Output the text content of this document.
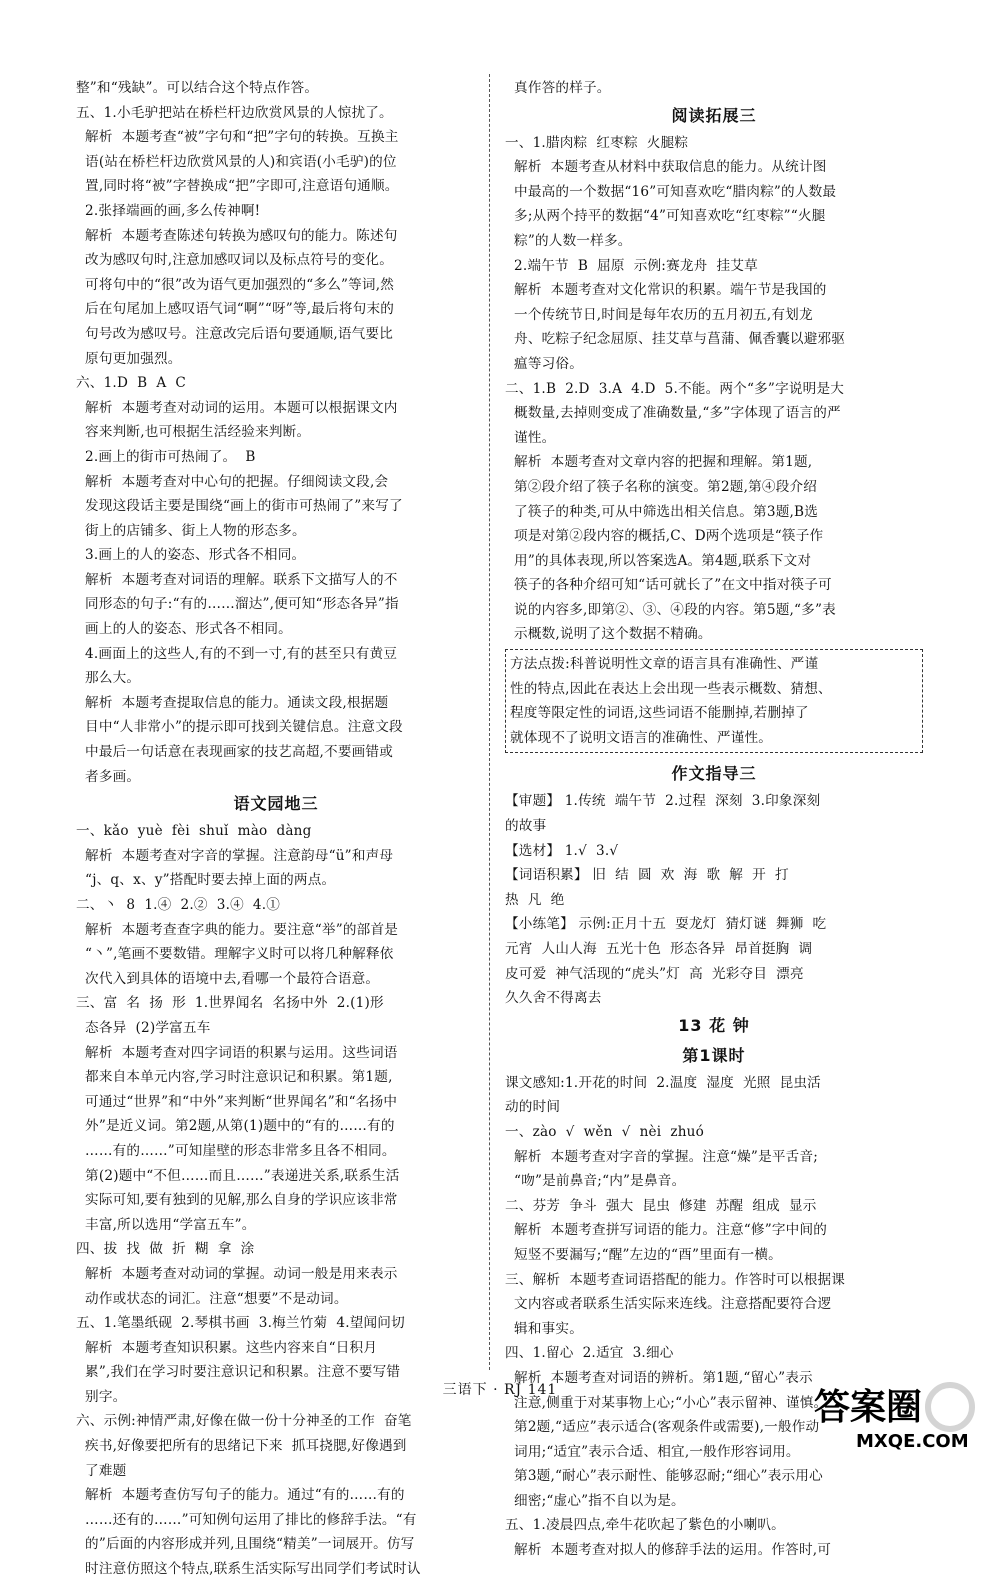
整”和“残缺”。可以结合这个特点作答。

五、1.小毛驴把站在桥栏杆边欣赏风景的人惊扰了。

解析  本题考查“被”字句和“把”字句的转换。互换主

语(站在桥栏杆边欣赏风景的人)和宾语(小毛驴)的位

置,同时将“被”字替换成“把”字即可,注意语句通顺。

2.张择端画的画,多么传神啊!

解析  本题考查陈述句转换为感叹句的能力。陈述句

改为感叹句时,注意加感叹词以及标点符号的变化。

可将句中的“很”改为语气更加强烈的“多么”等词,然

后在句尾加上感叹语气词“啊”“呀”等,最后将句末的

句号改为感叹号。注意改完后语句要通顺,语气要比

原句更加强烈。

六、1.D  B  A  C

解析  本题考查对动词的运用。本题可以根据课文内

容来判断,也可根据生活经验来判断。

2.画上的街市可热闹了。  B

解析  本题考查对中心句的把握。仔细阅读文段,会

发现这段话主要是围绕“画上的街市可热闹了”来写了

街上的店铺多、街上人物的形态多。

3.画上的人的姿态、形式各不相同。

解析  本题考查对词语的理解。联系下文描写人的不

同形态的句子:“有的……溜达”,便可知“形态各异”指

画上的人的姿态、形式各不相同。

4.画面上的这些人,有的不到一寸,有的甚至只有黄豆

那么大。

解析  本题考查提取信息的能力。通读文段,根据题

目中“人非常小”的提示即可找到关键信息。注意文段

中最后一句话意在表现画家的技艺高超,不要画错或

者多画。

语文园地三

一、kǎo  yuè  fèi  shuǐ  mào  dàng

解析  本题考查对字音的掌握。注意韵母“ü”和声母

“j、q、x、y”搭配时要去掉上面的两点。

二、丶  8  1.④  2.②  3.④  4.①

解析  本题考查查字典的能力。要注意“举”的部首是

“丶”,笔画不要数错。理解字义时可以将几种解释依

次代入到具体的语境中去,看哪一个最符合语意。

三、富  名  扬  形  1.世界闻名  名扬中外  2.(1)形

态各异  (2)学富五车

解析  本题考查对四字词语的积累与运用。这些词语

都来自本单元内容,学习时注意识记和积累。第1题,

可通过“世界”和“中外”来判断“世界闻名”和“名扬中

外”是近义词。第2题,从第(1)题中的“有的……有的

……有的……”可知崖壁的形态非常多且各不相同。

第(2)题中“不但……而且……”表递进关系,联系生活

实际可知,要有独到的见解,那么自身的学识应该非常

丰富,所以选用“学富五车”。

四、拔  找  做  折  糊  拿  涂

解析  本题考查对动词的掌握。动词一般是用来表示

动作或状态的词汇。注意“想要”不是动词。

五、1.笔墨纸砚  2.琴棋书画  3.梅兰竹菊  4.望闻问切

解析  本题考查知识积累。这些内容来自“日积月

累”,我们在学习时要注意识记和积累。注意不要写错

别字。

六、示例:神情严肃,好像在做一份十分神圣的工作  奋笔

疾书,好像要把所有的思绪记下来  抓耳挠腮,好像遇到

了难题

解析  本题考查仿写句子的能力。通过“有的……有的

……还有的……”可知例句运用了排比的修辞手法。“有

的”后面的内容形成并列,且围绕“精美”一词展开。仿写

时注意仿照这个特点,联系生活实际写出同学们考试时认

真作答的样子。

阅读拓展三

一、1.腊肉粽  红枣粽  火腿粽

解析  本题考查从材料中获取信息的能力。从统计图

中最高的一个数据“16”可知喜欢吃“腊肉粽”的人数最

多;从两个持平的数据“4”可知喜欢吃“红枣粽”“火腿

粽”的人数一样多。

2.端午节  B  屈原  示例:赛龙舟  挂艾草

解析  本题考查对文化常识的积累。端午节是我国的

一个传统节日,时间是每年农历的五月初五,有划龙

舟、吃粽子纪念屈原、挂艾草与菖蒲、佩香囊以避邪驱

瘟等习俗。

二、1.B  2.D  3.A  4.D  5.不能。两个“多”字说明是大

概数量,去掉则变成了准确数量,“多”字体现了语言的严

谨性。

解析  本题考查对文章内容的把握和理解。第1题,

第②段介绍了筷子名称的演变。第2题,第④段介绍

了筷子的种类,可从中筛选出相关信息。第3题,B选

项是对第②段内容的概括,C、D两个选项是“筷子作

用”的具体表现,所以答案选A。第4题,联系下文对

筷子的各种介绍可知“话可就长了”在文中指对筷子可

说的内容多,即第②、③、④段的内容。第5题,“多”表

示概数,说明了这个数据不精确。

方法点拨:科普说明性文章的语言具有准确性、严谨

性的特点,因此在表达上会出现一些表示概数、猜想、

程度等限定性的词语,这些词语不能删掉,若删掉了

就体现不了说明文语言的准确性、严谨性。

作文指导三

【审题】 1.传统  端午节  2.过程  深刻  3.印象深刻

的故事

【选材】 1.√  3.√

【词语积累】 旧  结  圆  欢  海  歌  解  开  打

热  凡  绝

【小练笔】 示例:正月十五  耍龙灯  猜灯谜  舞狮  吃

元宵  人山人海  五光十色  形态各异  昂首挺胸  调

皮可爱  神气活现的“虎头”灯  高  光彩夺目  漂亮

久久舍不得离去

13 花 钟

第1课时

课文感知:1.开花的时间  2.温度  湿度  光照  昆虫活

动的时间

一、zào  √  wěn  √  nèi  zhuó

解析  本题考查对字音的掌握。注意“燥”是平舌音;

“吻”是前鼻音;“内”是鼻音。

二、芬芳  争斗  强大  昆虫  修建  苏醒  组成  显示

解析  本题考查拼写词语的能力。注意“修”字中间的

短竖不要漏写;“醒”左边的“酉”里面有一横。

三、解析  本题考查词语搭配的能力。作答时可以根据课

文内容或者联系生活实际来连线。注意搭配要符合逻

辑和事实。

四、1.留心  2.适宜  3.细心

解析  本题考查对词语的辨析。第1题,“留心”表示

注意,侧重于对某事物上心;“小心”表示留神、谨慎。

第2题,“适应”表示适合(客观条件或需要),一般作动

词用;“适宜”表示合适、相宜,一般作形容词用。

第3题,“耐心”表示耐性、能够忍耐;“细心”表示用心

细密;“虚心”指不自以为是。

五、1.凌晨四点,牵牛花吹起了紫色的小喇叭。

解析  本题考查对拟人的修辞手法的运用。作答时,可

三语下 · RJ 141	答案圈
MXQE.COM
